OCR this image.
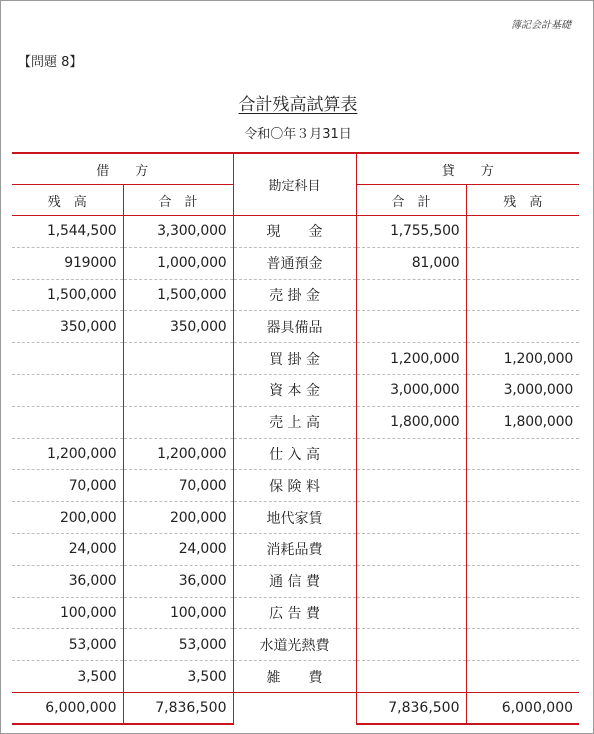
簿記会計基礎
【問題 8】
合計残高試算表
令和〇年３月31日
借　　方		勘定科目	貸　　方	
残　高	合　計		合　計	残　高
1,544,500	3,300,000	現　　金	1,755,500	
919000	1,000,000	普通預金	81,000	
1,500,000	1,500,000	売 掛 金		
350,000	350,000	器具備品		
		買 掛 金	1,200,000	1,200,000
		資 本 金	3,000,000	3,000,000
		売 上 高	1,800,000	1,800,000
1,200,000	1,200,000	仕 入 高		
70,000	70,000	保 険 料		
200,000	200,000	地代家賃		
24,000	24,000	消耗品費		
36,000	36,000	通 信 費		
100,000	100,000	広 告 費		
53,000	53,000	水道光熱費		
3,500	3,500	雑　　費		
6,000,000	7,836,500		7,836,500	6,000,000
